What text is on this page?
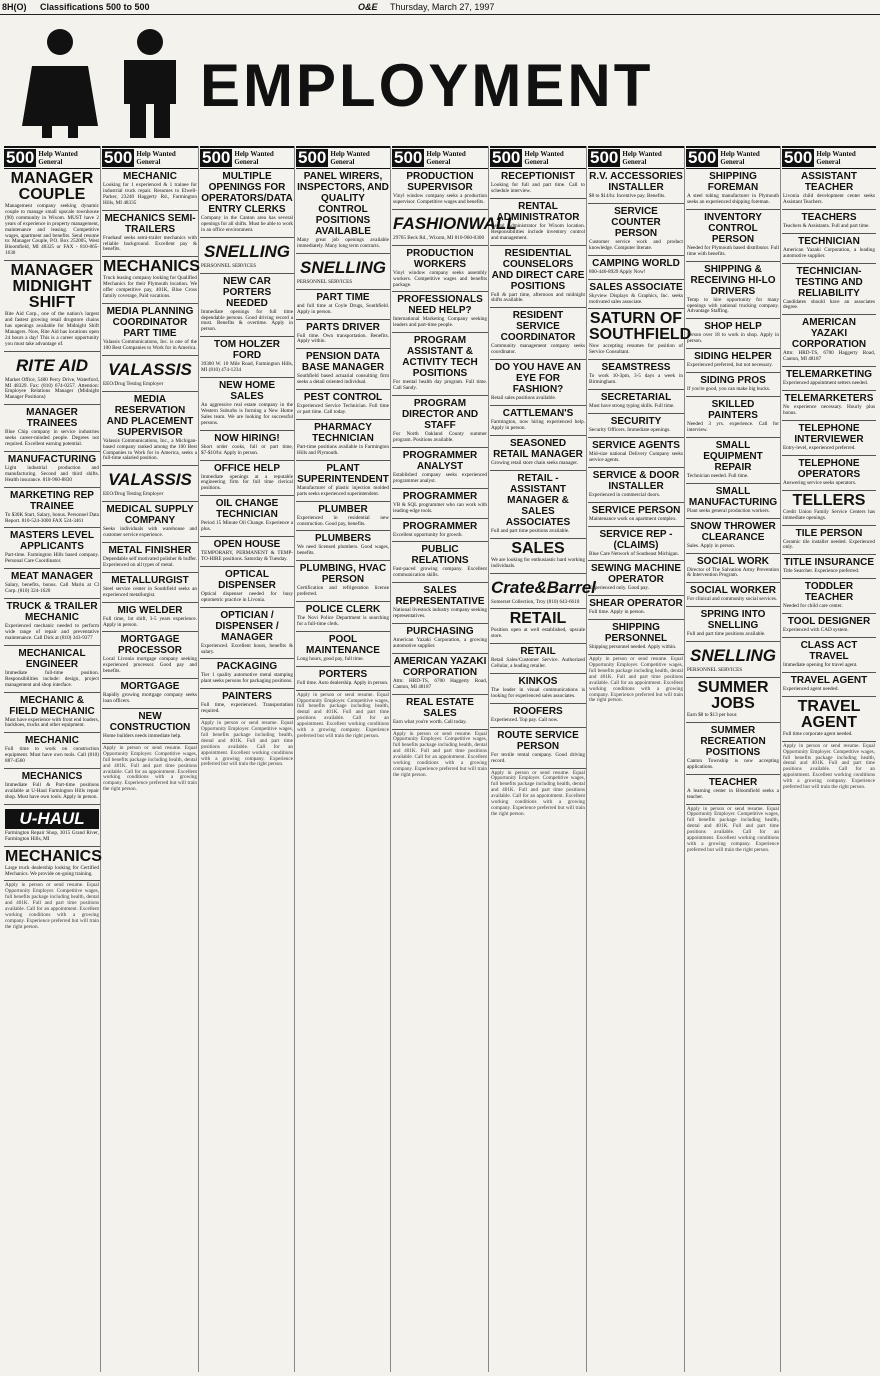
8H(O) Classifications 500 to 500	O&E Thursday, March 27, 1997
EMPLOYMENT
500 Help Wanted General
MANAGER COUPLE
Management company seeking dynamic couple to manage small upscale townhouse (90) community in Wixom. MUST have 2 years of experience in property management, maintenance and leasing. Competitive wages, apartment and benefits. Send resume to: Manager Couple, P.O. Box 252005, West Bloomfield, MI 48325 or FAX - 810-865-1630
MANAGER MIDNIGHT SHIFT
Rite Aid Corp., one of the nation's largest and fastest growing retail drugstore chains has openings available for Midnight Shift Managers. Now, Rite Aid has locations open 24 hours a day! This is a career opportunity you must take advantage of.
RITE AID
Market Office, 5400 Perry Drive, Waterford, MI 48329. Fax: (810) 674-0257. Attention: Employee Relations Manager (Midnight Manager Positions)
MANAGER TRAINEES
Blue Chip company in service industries seeks career-minded people. Degrees not required. Excellent earning potential.
MANUFACTURING
Light industrial production and manufacturing. Second and third shifts. Health insurance. 810-960-8830
MARKETING REP TRAINEE
To $30K Start, Salary, bonus. Personnel Data Report. 810-524-3000 FAX 524-3461
MASTERS LEVEL APPLICANTS
Part-time. Farmington Hills based company. Personal Care Coordinator.
MEAT MANAGER
Salary, benefits, bonus. Call Marin at Cl Corp. (810) 324-1620
TRUCK & TRAILER MECHANIC
Experienced mechanic needed to perform wide range of repair and preventative maintenance. Call Dick at (810) 343-9377
MECHANICAL ENGINEER
Immediate full-time position. Responsibilities include: design, project management and shop interface.
MECHANIC & FIELD MECHANIC
Must have experience with front end loaders, backhoes, trucks and other equipment.
MECHANIC
Full time to work on construction equipment. Must have own tools. Call (810) 887-4560
MECHANICS
Immediate Full & Part-time positions available at U-Haul Farmington Hills repair shop. Must have own tools. Apply in person.
U-HAUL
Farmington Repair Shop, 3015 Grand River, Farmington Hills, MI
MECHANICS
Large truck dealership looking for Certified Mechanics. We provide on-going training.
Apply in person or send resume. Equal Opportunity Employer. Competitive wages, full benefits package including health, dental and 401K. Full and part time positions available. Call for an appointment. Excellent working conditions with a growing company. Experience preferred but will train the right person.
500 Help Wanted General
MECHANIC
Looking for 1 experienced & 1 trainee for industrial truck repair. Resumes to Elwell-Parker, 23240 Haggerty Rd., Farmington Hills, MI 48335
MECHANICS SEMI-TRAILERS
Fruehauf seeks semi-trailer mechanics with reliable background. Excellent pay & benefits.
MECHANICS
Truck leasing company looking for Qualified Mechanics for their Plymouth location. We offer competitive pay, 401K, Blue Cross family coverage, Paid vacations.
MEDIA PLANNING COORDINATOR PART TIME
Valassis Communications, Inc. is one of the 100 Best Companies to Work for in America.
VALASSIS
EEO/Drug Testing Employer
MEDIA RESERVATION AND PLACEMENT SUPERVISOR
Valassis Communications, Inc., a Michigan-based company ranked among the 100 Best Companies to Work for in America, seeks a full-time salaried position.
VALASSIS
EEO/Drug Testing Employer
MEDICAL SUPPLY COMPANY
Seeks individuals with warehouse and customer service experience.
METAL FINISHER
Dependable self motivated polisher & buffer. Experienced on all types of metal.
METALLURGIST
Steel service center in Southfield seeks an experienced metallurgist.
MIG WELDER
Full time, 1st shift, 3-5 years experience. Apply in person.
MORTGAGE PROCESSOR
Local Livonia mortgage company seeking experienced processor. Good pay and benefits.
MORTGAGE
Rapidly growing mortgage company seeks loan officers.
NEW CONSTRUCTION
Home builders needs immediate help.
Apply in person or send resume. Equal Opportunity Employer. Competitive wages, full benefits package including health, dental and 401K. Full and part time positions available. Call for an appointment. Excellent working conditions with a growing company. Experience preferred but will train the right person.
500 Help Wanted General
MULTIPLE OPENINGS FOR OPERATORS/DATA ENTRY CLERKS
Company in the Canton area has several openings for all shifts. Must be able to work in an office environment.
SNELLING
PERSONNEL SERVICES
NEW CAR PORTERS NEEDED
Immediate openings for full time dependable persons. Good driving record a must. Benefits & overtime. Apply in person.
TOM HOLZER FORD
39300 W. 10 Mile Road, Farmington Hills, MI (810) 474-1234
NEW HOME SALES
An aggressive real estate company in the Western Suburbs is forming a New Home Sales team. We are looking for successful persons.
NOW HIRING!
Short order cooks, full or part time, $7-$10/hr. Apply in person.
OFFICE HELP
Immediate openings at a reputable engineering firm for full time clerical positions.
OIL CHANGE TECHNICIAN
Period 15 Minute Oil Change. Experience a plus.
OPEN HOUSE
TEMPORARY, PERMANENT & TEMP-TO-HIRE positions. Saturday & Tuesday.
OPTICAL DISPENSER
Optical dispenser needed for busy optometric practice in Livonia.
OPTICIAN / DISPENSER / MANAGER
Experienced. Excellent hours, benefits & salary.
PACKAGING
Tier 1 quality automotive metal stamping plant seeks persons for packaging positions.
PAINTERS
Full time, experienced. Transportation required.
Apply in person or send resume. Equal Opportunity Employer. Competitive wages, full benefits package including health, dental and 401K. Full and part time positions available. Call for an appointment. Excellent working conditions with a growing company. Experience preferred but will train the right person.
500 Help Wanted General
PANEL WIRERS, INSPECTORS, AND QUALITY CONTROL POSITIONS AVAILABLE
Many great job openings available immediately. Many long term contracts.
SNELLING
PERSONNEL SERVICES
PART TIME
and full time at Coyle Drugs, Southfield. Apply in person.
PARTS DRIVER
Full time. Own transportation. Benefits. Apply within.
PENSION DATA BASE MANAGER
Southfield based actuarial consulting firm seeks a detail oriented individual.
PEST CONTROL
Experienced Service Technician. Full time or part time. Call today.
PHARMACY TECHNICIAN
Part-time positions available in Farmington Hills and Plymouth.
PLANT SUPERINTENDENT
Manufacturer of plastic injection molded parts seeks experienced superintendent.
PLUMBER
Experienced in residential new construction. Good pay, benefits.
PLUMBERS
We need licensed plumbers. Good wages, benefits.
PLUMBING, HVAC PERSON
Certification and refrigeration license preferred.
POLICE CLERK
The Novi Police Department is searching for a full-time clerk.
POOL MAINTENANCE
Long hours, good pay, full time.
PORTERS
Full time. Auto dealership. Apply in person.
Apply in person or send resume. Equal Opportunity Employer. Competitive wages, full benefits package including health, dental and 401K. Full and part time positions available. Call for an appointment. Excellent working conditions with a growing company. Experience preferred but will train the right person.
500 Help Wanted General
PRODUCTION SUPERVISOR
Vinyl window company seeks a production supervisor. Competitive wages and benefits.
FASHIONWALL
29765 Beck Rd., Wixom, MI 810-960-0300
PRODUCTION WORKERS
Vinyl window company seeks assembly workers. Competitive wages and benefits package.
PROFESSIONALS NEED HELP?
International Marketing Company seeking leaders and part-time people.
PROGRAM ASSISTANT & ACTIVITY TECH POSITIONS
For mental health day program. Full time. Call Sandy.
PROGRAM DIRECTOR AND STAFF
For North Oakland County summer program. Positions available.
PROGRAMMER ANALYST
Established company seeks experienced programmer analyst.
PROGRAMMER
VB & SQL programmer who can work with leading-edge tools.
PROGRAMMER
Excellent opportunity for growth.
PUBLIC RELATIONS
Fast-paced growing company. Excellent communication skills.
SALES REPRESENTATIVE
National livestock industry company seeking representatives.
PURCHASING
American Yazaki Corporation, a growing automotive supplier.
AMERICAN YAZAKI CORPORATION
Attn: HRD-TS, 6700 Haggerty Road, Canton, MI 48187
REAL ESTATE SALES
Earn what you're worth. Call today.
Apply in person or send resume. Equal Opportunity Employer. Competitive wages, full benefits package including health, dental and 401K. Full and part time positions available. Call for an appointment. Excellent working conditions with a growing company. Experience preferred but will train the right person.
500 Help Wanted General
RECEPTIONIST
Looking for full and part time. Call to schedule interview.
RENTAL ADMINISTRATOR
Rental Administrator for Wixom location. Responsibilities include inventory control and management.
RESIDENTIAL COUNSELORS AND DIRECT CARE POSITIONS
Full & part time, afternoon and midnight shifts available.
RESIDENT SERVICE COORDINATOR
Community management company seeks coordinator.
DO YOU HAVE AN EYE FOR FASHION?
Retail sales positions available.
CATTLEMAN'S
Farmington, now hiring experienced help. Apply in person.
SEASONED RETAIL MANAGER
Growing retail store chain seeks manager.
RETAIL - ASSISTANT MANAGER & SALES ASSOCIATES
Full and part time positions available.
SALES
We are looking for enthusiastic hard working individuals.
Crate&Barrel
Somerset Collection, Troy (810) 643-6610
RETAIL
Position open at well established, upscale store.
RETAIL
Retail Sales/Customer Service. Authorized Cellular, a leading retailer.
KINKOS
The leader in visual communications is looking for experienced sales associates.
ROOFERS
Experienced. Top pay. Call now.
ROUTE SERVICE PERSON
For textile rental company. Good driving record.
Apply in person or send resume. Equal Opportunity Employer. Competitive wages, full benefits package including health, dental and 401K. Full and part time positions available. Call for an appointment. Excellent working conditions with a growing company. Experience preferred but will train the right person.
500 Help Wanted General
R.V. ACCESSORIES INSTALLER
$8 to $14/hr. Incentive pay. Benefits.
SERVICE COUNTER PERSON
Customer service work and product knowledge. Computer literate.
CAMPING WORLD
800-446-8929 Apply Now!
SALES ASSOCIATE
Skyview Displays & Graphics, Inc. seeks motivated sales associate.
SATURN OF SOUTHFIELD
Now accepting resumes for position of Service Consultant.
SEAMSTRESS
To work 10-3pm, 3-5 days a week in Birmingham.
SECRETARIAL
Must have strong typing skills. Full time.
SECURITY
Security Officers. Immediate openings.
SERVICE AGENTS
Mid-size national Delivery Company seeks service agents.
SERVICE & DOOR INSTALLER
Experienced in commercial doors.
SERVICE PERSON
Maintenance work on apartment complex.
SERVICE REP - (CLAIMS)
Blue Care Network of Southeast Michigan.
SEWING MACHINE OPERATOR
Experienced only. Good pay.
SHEAR OPERATOR
Full time. Apply in person.
SHIPPING PERSONNEL
Shipping personnel needed. Apply within.
Apply in person or send resume. Equal Opportunity Employer. Competitive wages, full benefits package including health, dental and 401K. Full and part time positions available. Call for an appointment. Excellent working conditions with a growing company. Experience preferred but will train the right person.
500 Help Wanted General
SHIPPING FOREMAN
A steel tubing manufacturer in Plymouth seeks an experienced shipping foreman.
INVENTORY CONTROL PERSON
Needed for Plymouth based distributor. Full time with benefits.
SHIPPING & RECEIVING HI-LO DRIVERS
Temp to hire opportunity for many openings with national trucking company. Advantage Staffing.
SHOP HELP
Person over 18 to work in shop. Apply in person.
SIDING HELPER
Experienced preferred, but not necessary.
SIDING PROS
If you're good, you can make big bucks.
SKILLED PAINTERS
Needed 3 yrs. experience. Call for interview.
SMALL EQUIPMENT REPAIR
Technician needed. Full time.
SMALL MANUFACTURING
Plant seeks general production workers.
SNOW THROWER CLEARANCE
Sales. Apply in person.
SOCIAL WORK
Director of The Salvation Army Prevention & Intervention Program.
SOCIAL WORKER
For clinical and community social services.
SPRING INTO SNELLING
Full and part time positions available.
SNELLING
PERSONNEL SERVICES
SUMMER JOBS
Earn $8 to $13 per hour.
SUMMER RECREATION POSITIONS
Canton Township is now accepting applications.
TEACHER
A learning center in Bloomfield seeks a teacher.
Apply in person or send resume. Equal Opportunity Employer. Competitive wages, full benefits package including health, dental and 401K. Full and part time positions available. Call for an appointment. Excellent working conditions with a growing company. Experience preferred but will train the right person.
500 Help Wanted General
ASSISTANT TEACHER
Livonia child development center seeks Assistant Teachers.
TEACHERS
Teachers & Assistants. Full and part time.
TECHNICIAN
American Yazaki Corporation, a leading automotive supplier.
TECHNICIAN-TESTING AND RELIABILITY
Candidates should have an associates degree.
AMERICAN YAZAKI CORPORATION
Attn: HRD-TS, 6700 Haggerty Road, Canton, MI 48187
TELEMARKETING
Experienced appointment setters needed.
TELEMARKETERS
No experience necessary. Hourly plus bonus.
TELEPHONE INTERVIEWER
Entry-level, experienced preferred.
TELEPHONE OPERATORS
Answering service seeks operators.
TELLERS
Credit Union Family Service Centers has immediate openings.
TILE PERSON
Ceramic tile installer needed. Experienced only.
TITLE INSURANCE
Title Searcher. Experience preferred.
TODDLER TEACHER
Needed for child care center.
TOOL DESIGNER
Experienced with CAD system.
CLASS ACT TRAVEL
Immediate opening for travel agent.
TRAVEL AGENT
Experienced agent needed.
TRAVEL AGENT
Full time corporate agent needed.
Apply in person or send resume. Equal Opportunity Employer. Competitive wages, full benefits package including health, dental and 401K. Full and part time positions available. Call for an appointment. Excellent working conditions with a growing company. Experience preferred but will train the right person.
